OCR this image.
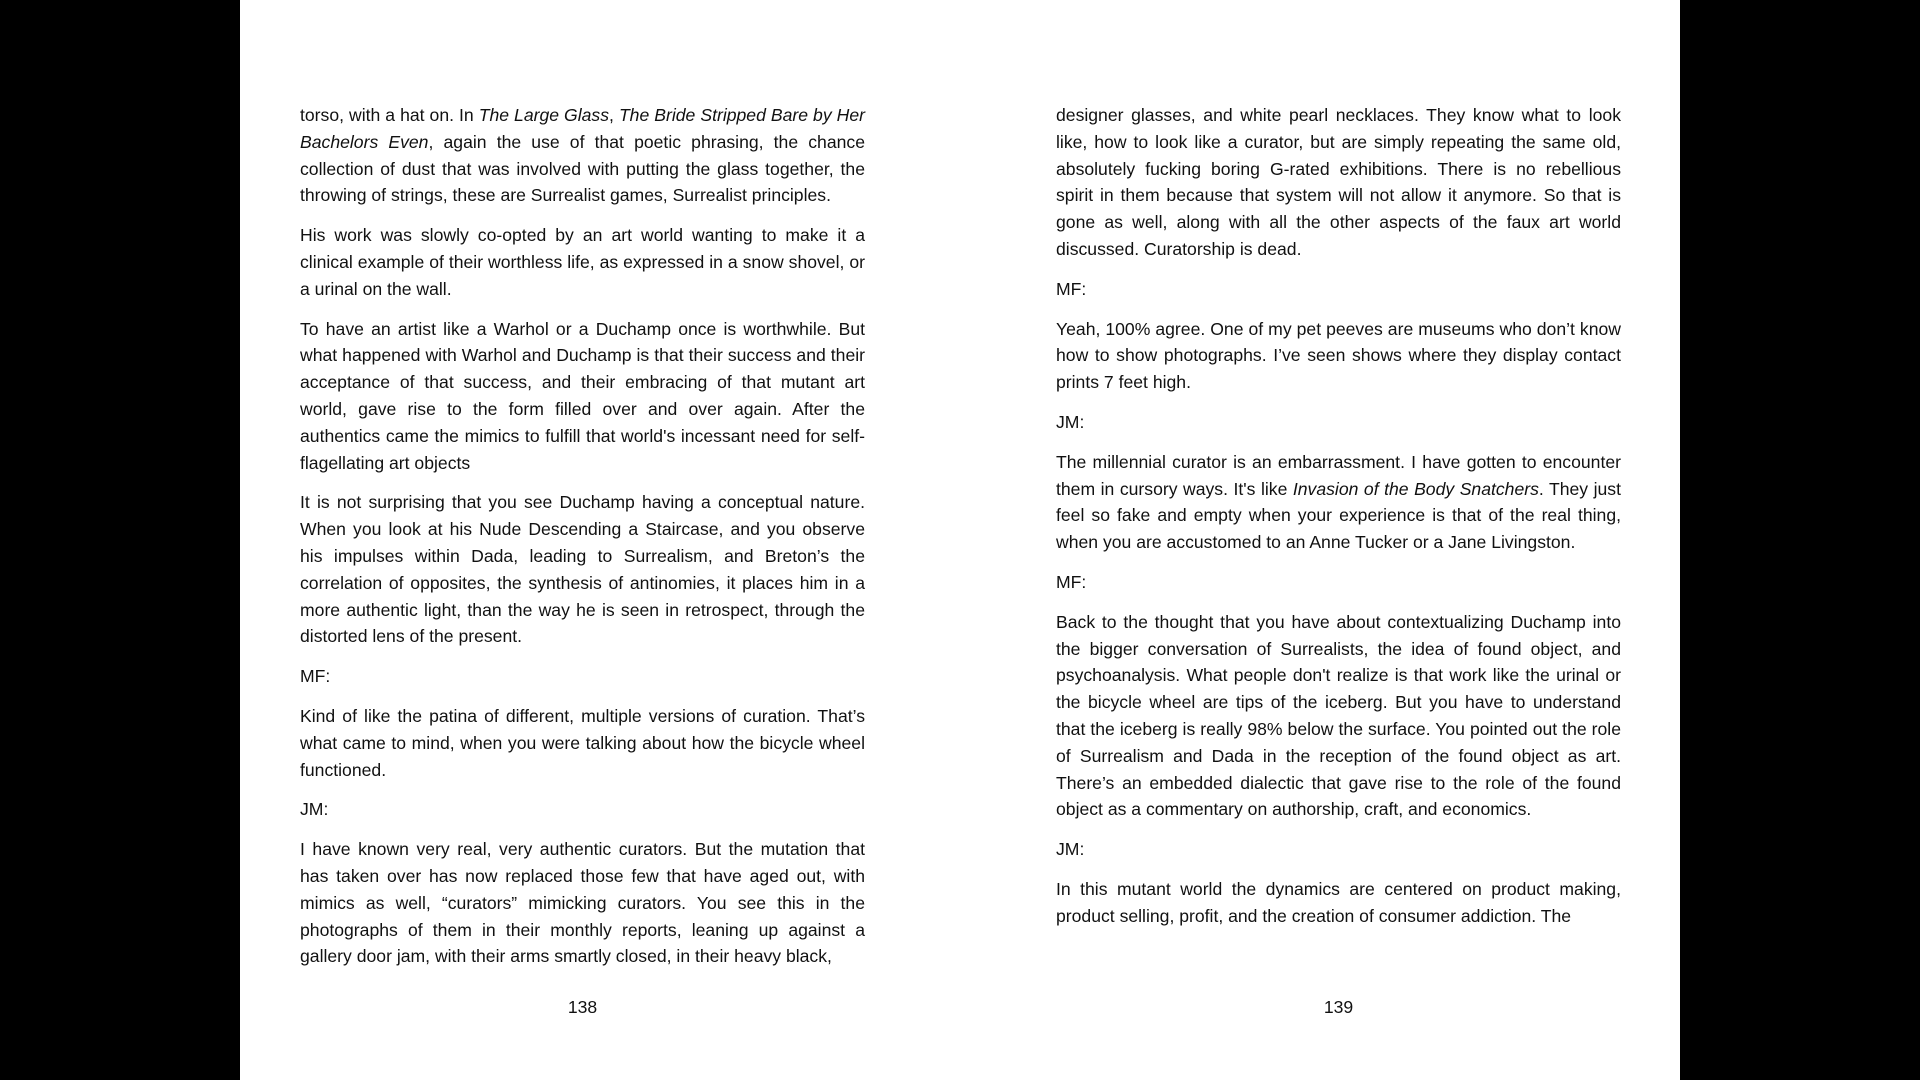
torso, with a hat on. In The Large Glass, The Bride Stripped Bare by Her Bachelors Even, again the use of that poetic phrasing, the chance collection of dust that was involved with putting the glass together, the throwing of strings, these are Surrealist games, Surrealist principles.

His work was slowly co-opted by an art world wanting to make it a clinical example of their worthless life, as expressed in a snow shovel, or a urinal on the wall.

To have an artist like a Warhol or a Duchamp once is worthwhile. But what happened with Warhol and Duchamp is that their success and their acceptance of that success, and their embracing of that mutant art world, gave rise to the form filled over and over again. After the authentics came the mimics to fulfill that world's incessant need for self-flagellating art objects

It is not surprising that you see Duchamp having a conceptual nature. When you look at his Nude Descending a Staircase, and you observe his impulses within Dada, leading to Surrealism, and Breton’s the correlation of opposites, the synthesis of antinomies, it places him in a more authentic light, than the way he is seen in retrospect, through the distorted lens of the present.

MF:

Kind of like the patina of different, multiple versions of curation. That’s what came to mind, when you were talking about how the bicycle wheel functioned.

JM:

I have known very real, very authentic curators. But the mutation that has taken over has now replaced those few that have aged out, with mimics as well, “curators” mimicking curators. You see this in the photographs of them in their monthly reports, leaning up against a gallery door jam, with their arms smartly closed, in their heavy black,

138

designer glasses, and white pearl necklaces. They know what to look like, how to look like a curator, but are simply repeating the same old, absolutely fucking boring G-rated exhibitions. There is no rebellious spirit in them because that system will not allow it anymore. So that is gone as well, along with all the other aspects of the faux art world discussed. Curatorship is dead.

MF:

Yeah, 100% agree. One of my pet peeves are museums who don’t know how to show photographs. I’ve seen shows where they display contact prints 7 feet high.

JM:

The millennial curator is an embarrassment. I have gotten to encounter them in cursory ways. It's like Invasion of the Body Snatchers. They just feel so fake and empty when your experience is that of the real thing, when you are accustomed to an Anne Tucker or a Jane Livingston.

MF:

Back to the thought that you have about contextualizing Duchamp into the bigger conversation of Surrealists, the idea of found object, and psychoanalysis. What people don't realize is that work like the urinal or the bicycle wheel are tips of the iceberg. But you have to understand that the iceberg is really 98% below the surface. You pointed out the role of Surrealism and Dada in the reception of the found object as art. There’s an embedded dialectic that gave rise to the role of the found object as a commentary on authorship, craft, and economics.

JM:

In this mutant world the dynamics are centered on product making, product selling, profit, and the creation of consumer addiction. The

139
